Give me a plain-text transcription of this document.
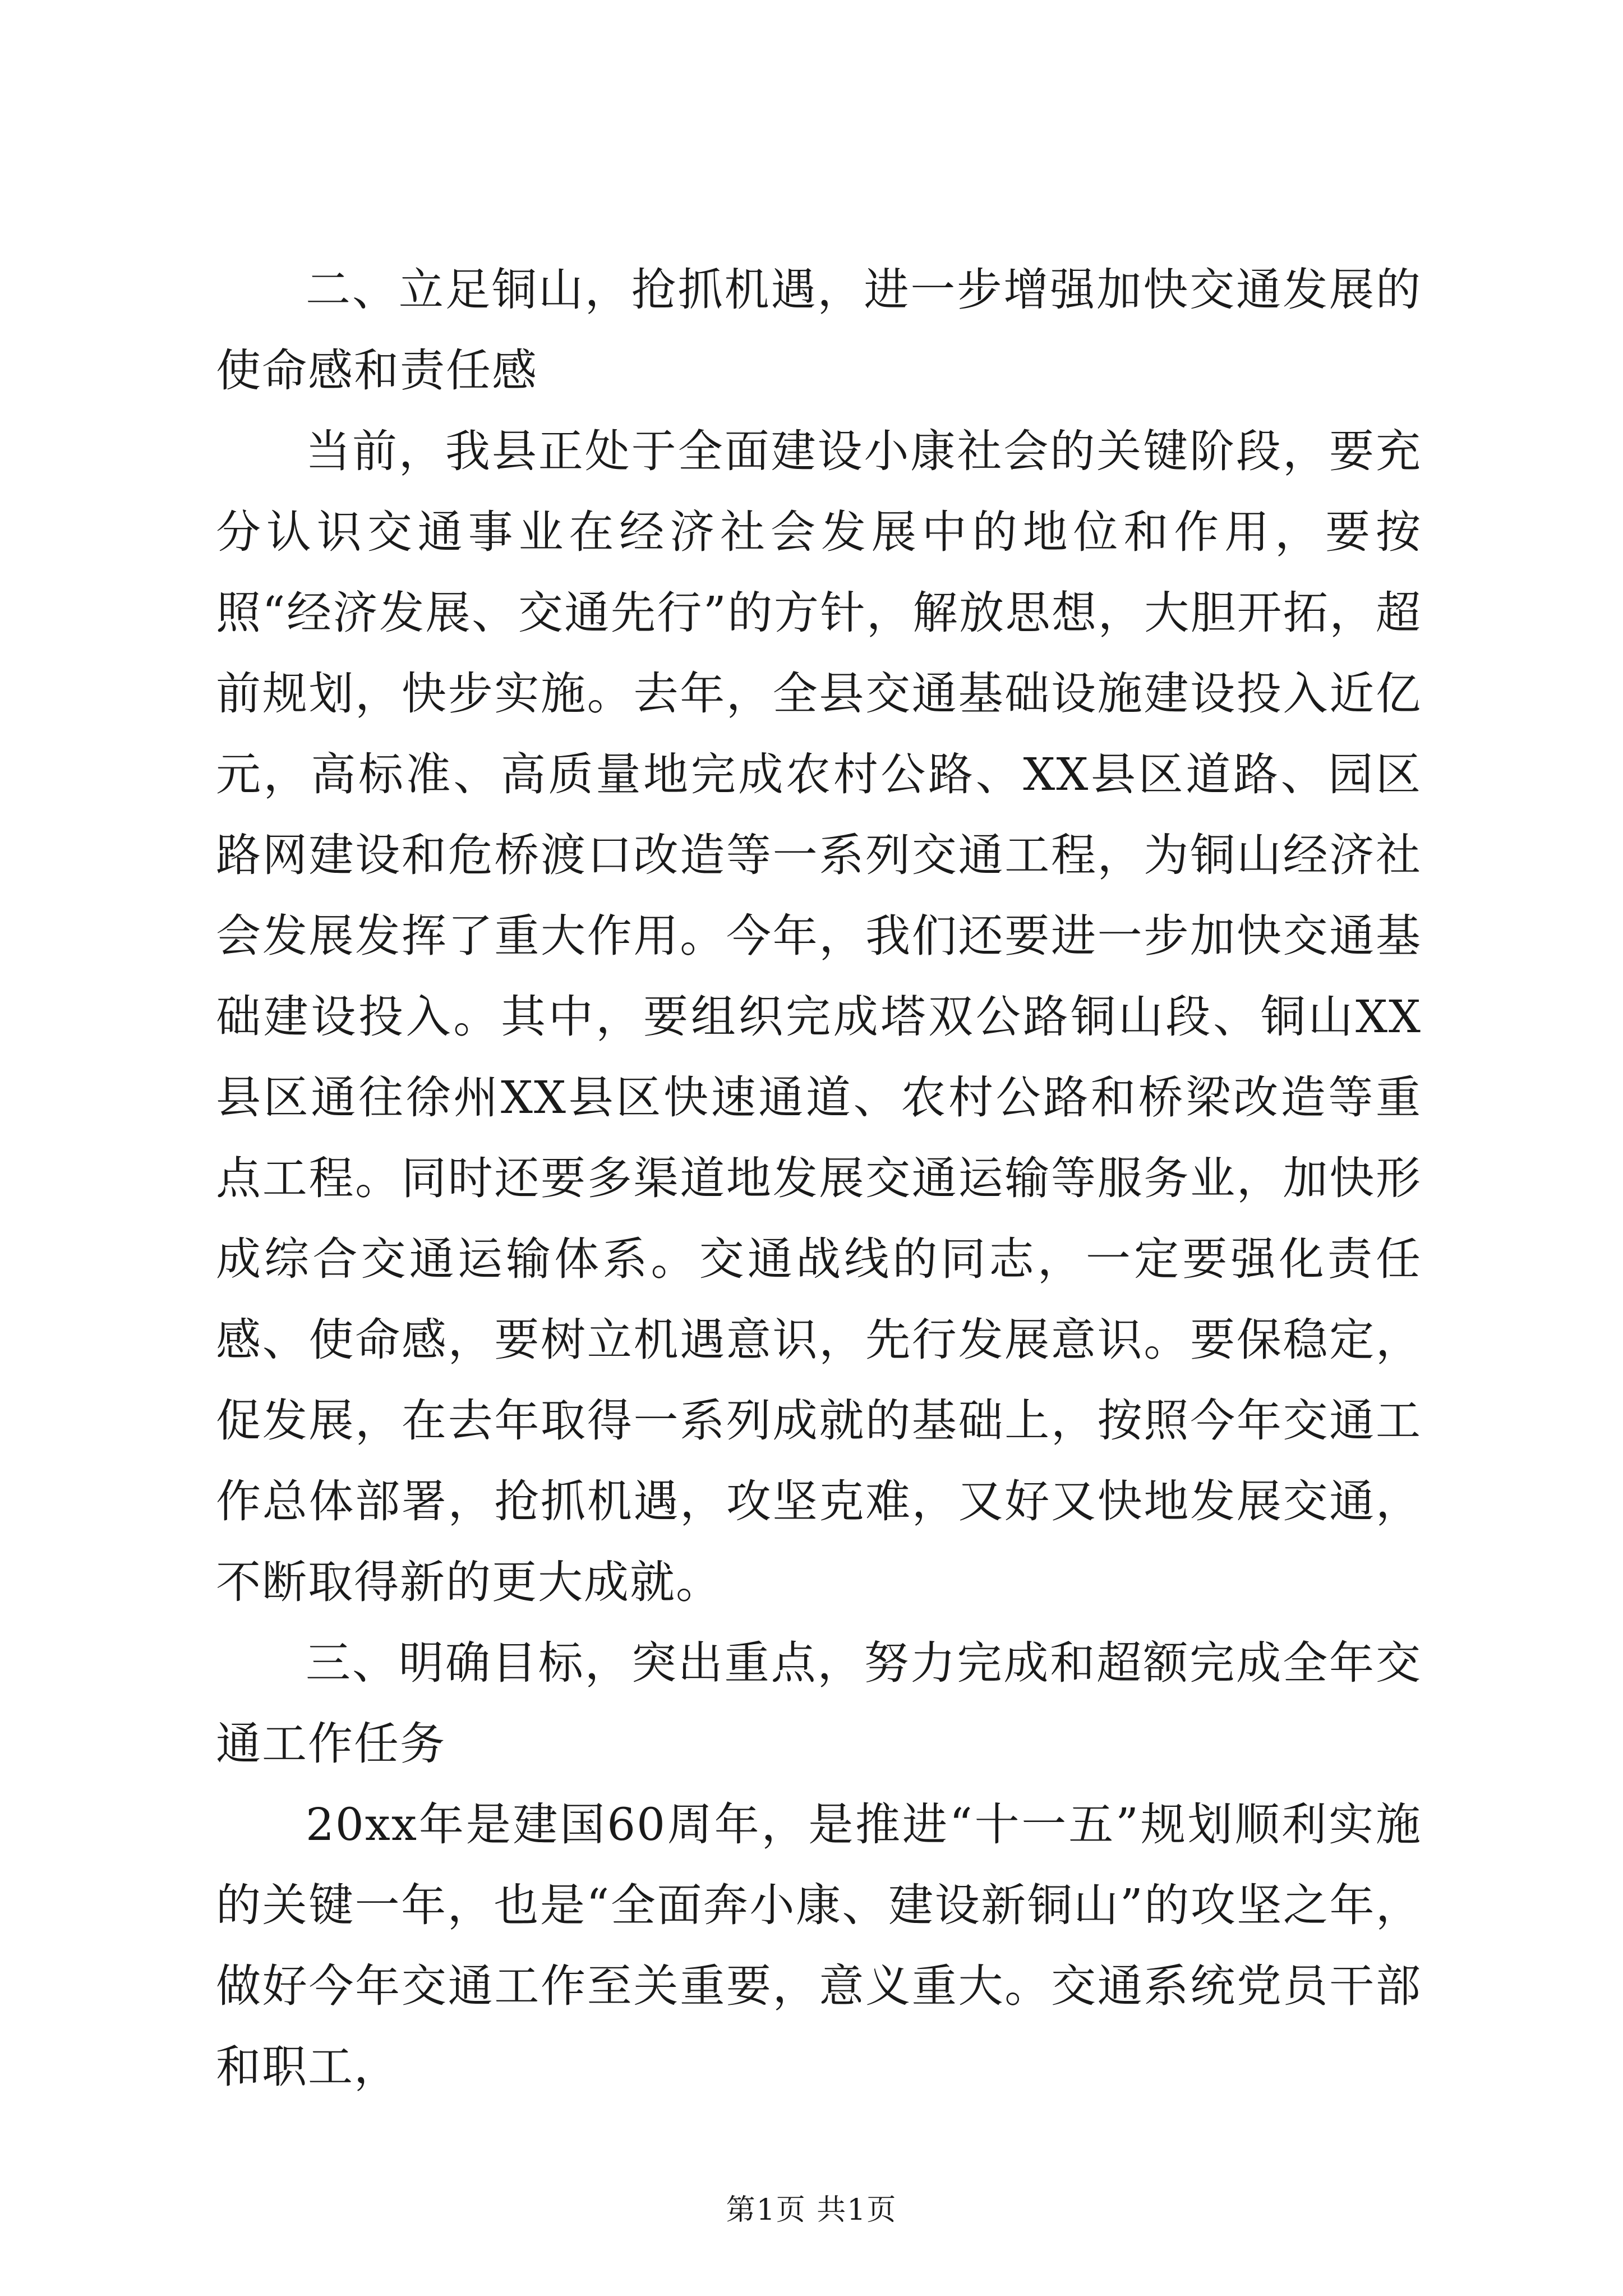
二、立足铜山，抢抓机遇，进一步增强加快交通发展的使命感和责任感

当前，我县正处于全面建设小康社会的关键阶段，要充分认识交通事业在经济社会发展中的地位和作用，要按照“经济发展、交通先行”的方针，解放思想，大胆开拓，超前规划，快步实施。去年，全县交通基础设施建设投入近亿元，高标准、高质量地完成农村公路、XX县区道路、园区路网建设和危桥渡口改造等一系列交通工程，为铜山经济社会发展发挥了重大作用。今年，我们还要进一步加快交通基础建设投入。其中，要组织完成塔双公路铜山段、铜山XX县区通往徐州XX县区快速通道、农村公路和桥梁改造等重点工程。同时还要多渠道地发展交通运输等服务业，加快形成综合交通运输体系。交通战线的同志，一定要强化责任感、使命感，要树立机遇意识，先行发展意识。要保稳定，促发展，在去年取得一系列成就的基础上，按照今年交通工作总体部署，抢抓机遇，攻坚克难，又好又快地发展交通，不断取得新的更大成就。

三、明确目标，突出重点，努力完成和超额完成全年交通工作任务

20xx年是建国60周年，是推进“十一五”规划顺利实施的关键一年，也是“全面奔小康、建设新铜山”的攻坚之年，做好今年交通工作至关重要，意义重大。交通系统党员干部和职工，

第1页 共1页
